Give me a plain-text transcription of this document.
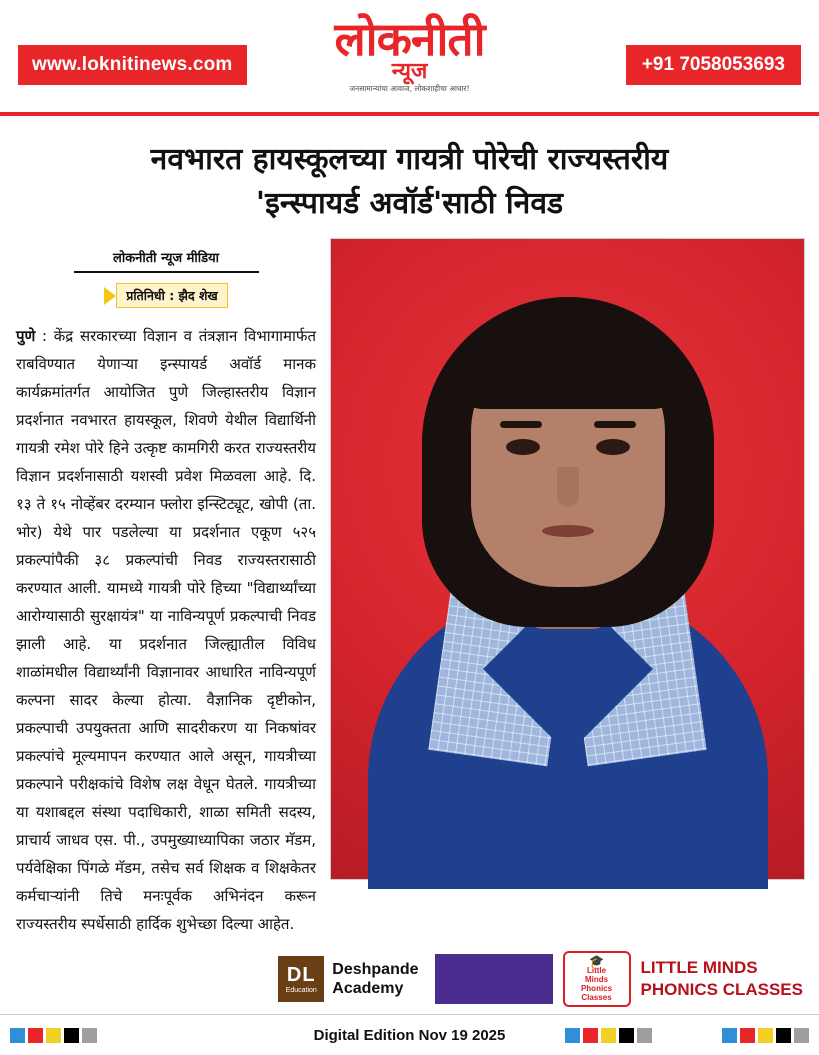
www.loknitinews.com	लोकनीती
न्यूज
जनसामान्यांचा आवाज, लोकशाहीचा आधार!
+91 7058053693
नवभारत हायस्कूलच्या गायत्री पोरेची राज्यस्तरीय
'इन्स्पायर्ड अवॉर्ड'साठी निवड
लोकनीती न्यूज मीडिया
प्रतिनिधी : झैद शेख
पुणे : केंद्र सरकारच्या विज्ञान व तंत्रज्ञान विभागामार्फत राबविण्यात येणाऱ्या इन्स्पायर्ड अवॉर्ड मानक कार्यक्रमांतर्गत आयोजित पुणे जिल्हास्तरीय विज्ञान प्रदर्शनात नवभारत हायस्कूल, शिवणे येथील विद्यार्थिनी गायत्री रमेश पोरे हिने उत्कृष्ट कामगिरी करत राज्यस्तरीय विज्ञान प्रदर्शनासाठी यशस्वी प्रवेश मिळवला आहे. दि. १३ ते १५ नोव्हेंबर दरम्यान फ्लोरा इन्स्टिट्यूट, खोपी (ता. भोर) येथे पार पडलेल्या या प्रदर्शनात एकूण ५२५ प्रकल्पांपैकी ३८ प्रकल्पांची निवड राज्यस्तरासाठी करण्यात आली. यामध्ये गायत्री पोरे हिच्या "विद्यार्थ्यांच्या आरोग्यासाठी सुरक्षायंत्र" या नाविन्यपूर्ण प्रकल्पाची निवड झाली आहे. या प्रदर्शनात जिल्ह्यातील विविध शाळांमधील विद्यार्थ्यांनी विज्ञानावर आधारित नाविन्यपूर्ण कल्पना सादर केल्या होत्या. वैज्ञानिक दृष्टीकोन, प्रकल्पाची उपयुक्तता आणि सादरीकरण या निकषांवर प्रकल्पांचे मूल्यमापन करण्यात आले असून, गायत्रीच्या प्रकल्पाने परीक्षकांचे विशेष लक्ष वेधून घेतले. गायत्रीच्या या यशाबद्दल संस्था पदाधिकारी, शाळा समिती सदस्य, प्राचार्य जाधव एस. पी., उपमुख्याध्यापिका जठार मॅडम, पर्यवेक्षिका पिंगळे मॅडम, तसेच सर्व शिक्षक व शिक्षकेतर कर्मचाऱ्यांनी तिचे मनःपूर्वक अभिनंदन करून राज्यस्तरीय स्पर्धेसाठी हार्दिक शुभेच्छा दिल्या आहेत.
DL
Education
Deshpande
Academy
🎓
Little
Minds
Phonics
Classes
LITTLE MINDS
PHONICS CLASSES
Digital Edition Nov 19 2025
